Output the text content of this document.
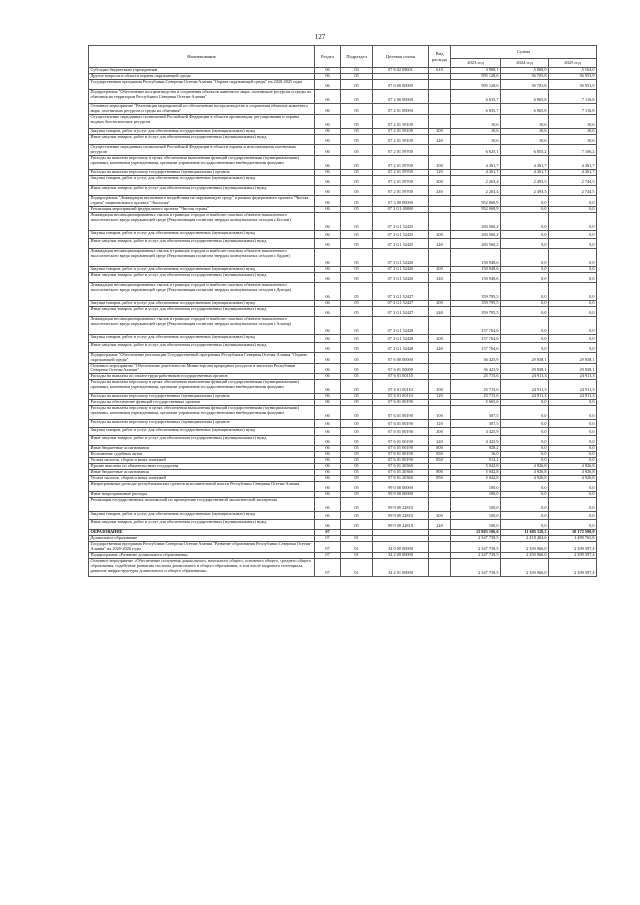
127
Наименование	Раздел	Подраздел	Целевая статья	Вид расхода	Сумма		
					2023 год	2024 год	2025 год
Субсидии бюджетным учреждениям	06	03	07 6 02 09601	610	4 908,1	5 068,0	5 164,0
Другие вопросы в области охраны окружающей среды	06	05			995 128,6	36 703,8	36 953,9
Государственная программа Республики Северная Осетия-Алания "Охрана окружающей среды" на 2020-2025 годы	06	05	07 0 00 00000		995 128,6	36 703,8	36 953,9
Подпрограмма "Обеспечение воспроизводства и сохранения объектов животного мира, охотничьих ресурсов и среды их обитания на территории Республики Северная Осетия-Алания"	06	05	07 2 00 00000		6 635,7	6 865,8	7 116,8
Основное мероприятие "Реализация мероприятий по обеспечению воспроизводства и сохранения объектов животного мира, охотничьих ресурсов и среды их обитания"	06	05	07 2 01 00000		6 635,7	6 865,8	7 116,8
Осуществление переданных полномочий Российской Федерации в области организации, регулирования и охраны водных биологических ресурсов	06	05	07 2 01 59100		10,6	10,6	10,6
Закупка товаров, работ и услуг для обеспечения государственных (муниципальных) нужд	06	05	07 2 01 59100	200	10,6	10,6	10,6
Иные закупки товаров, работ и услуг для обеспечения государственных (муниципальных) нужд	06	05	07 2 01 59100	240	10,6	10,6	10,6
Осуществление переданных полномочий Российской Федерации в области охраны и использования охотничьих ресурсов	06	05	07 2 01 59700		6 625,1	6 855,2	7 106,2
Расходы на выплаты персоналу в целях обеспечения выполнения функций государственными (муниципальными) органами, казенными учреждениями, органами управления государственными внебюджетными фондами	06	05	07 2 01 59700	100	4 361,7	4 361,7	4 361,7
Расходы на выплаты персоналу государственных (муниципальных) органов	06	05	07 2 01 59700	120	4 361,7	4 361,7	4 361,7
Закупка товаров, работ и услуг для обеспечения государственных (муниципальных) нужд	06	05	07 2 01 59700	200	2 263,4	2 493,5	2 744,5
Иные закупки товаров, работ и услуг для обеспечения государственных (муниципальных) нужд	06	05	07 2 01 59700	240	2 263,4	2 493,5	2 744,5
Подпрограмма "Ликвидация негативного воздействия на окружающую среду" в рамках федерального проекта "Чистая страна" национального проекта "Экология"	06	05	07 3 00 00000		952 068,9	0,0	0,0
Реализация мероприятий федерального проекта "Чистая страна"	06	05	07 3 G1 00000		952 068,9	0,0	0,0
Ликвидация несанкционированных свалок в границах городов и наиболее опасных объектов накопленного экологического вреда окружающей среде (Рекультивация полигона твердых коммунальных отходов г.Беслан)	06	05	07 3 G1 52425		283 560,2	0,0	0,0
Закупка товаров, работ и услуг для обеспечения государственных (муниципальных) нужд	06	05	07 3 G1 52425	200	283 560,2	0,0	0,0
Иные закупки товаров, работ и услуг для обеспечения государственных (муниципальных) нужд	06	05	07 3 G1 52425	240	283 560,2	0,0	0,0
Ликвидация несанкционированных свалок в границах городов и наиболее опасных объектов накопленного экологического вреда окружающей среде (Рекультивация полигона твердых коммунальных отходов г.Ардон)	06	05	07 3 G1 52426		150 948,6	0,0	0,0
Закупка товаров, работ и услуг для обеспечения государственных (муниципальных) нужд	06	05	07 3 G1 52426	200	150 948,6	0,0	0,0
Иные закупки товаров, работ и услуг для обеспечения государственных (муниципальных) нужд	06	05	07 3 G1 52426	240	150 948,6	0,0	0,0
Ликвидация несанкционированных свалок в границах городов и наиболее опасных объектов накопленного экологического вреда окружающей среде (Рекультивация полигона твердых коммунальных отходов г.Дигора)	06	05	07 3 G1 52427		359 795,5	0,0	0,0
Закупка товаров, работ и услуг для обеспечения государственных (муниципальных) нужд	06	05	07 3 G1 52427	200	359 795,5	0,0	0,0
Иные закупки товаров, работ и услуг для обеспечения государственных (муниципальных) нужд	06	05	07 3 G1 52427	240	359 795,5	0,0	0,0
Ликвидация несанкционированных свалок в границах городов и наиболее опасных объектов накопленного экологического вреда окружающей среде (Рекультивация полигона твердых коммунальных отходов г.Алагир)	06	05	07 3 G1 52428		157 764,6	0,0	0,0
Закупка товаров, работ и услуг для обеспечения государственных (муниципальных) нужд	06	05	07 3 G1 52428	200	157 764,6	0,0	0,0
Иные закупки товаров, работ и услуг для обеспечения государственных (муниципальных) нужд	06	05	07 3 G1 52428	240	157 764,6	0,0	0,0
Подпрограмма "Обеспечение реализации Государственной программы Республики Северная Осетия-Алания "Охрана окружающей среды"	06	05	07 6 00 00000		36 423,9	29 838,1	29 838,1
Основное мероприятие "Обеспечение деятельности Министерства природных ресурсов и экологии Республики Северная Осетия-Алания"	06	05	07 6 01 00000		36 423,9	29 838,1	29 838,1
Расходы на выплаты по оплате труда работников государственных органов	06	05	07 6 01 00110		25 715,6	24 911,3	24 911,3
Расходы на выплаты персоналу в целях обеспечения выполнения функций государственными (муниципальными) органами, казенными учреждениями, органами управления государственными внебюджетными фондами	06	05	07 6 01 00110	100	25 715,6	24 911,3	24 911,3
Расходы на выплаты персоналу государственных (муниципальных) органов	06	05	07 6 01 00110	120	25 715,6	24 911,3	24 911,3
Расходы на обеспечение функций государственных органов	06	05	07 6 01 00190		5 665,6	0,0	0,0
Расходы на выплаты персоналу в целях обеспечения выполнения функций государственными (муниципальными) органами, казенными учреждениями, органами управления государственными внебюджетными фондами	06	05	07 6 01 00190	100	307,5	0,0	0,0
Расходы на выплаты персоналу государственных (муниципальных) органов	06	05	07 6 01 00190	120	307,5	0,0	0,0
Закупка товаров, работ и услуг для обеспечения государственных (муниципальных) нужд	06	05	07 6 01 00190	200	4 425,9	0,0	0,0
Иные закупки товаров, работ и услуг для обеспечения государственных (муниципальных) нужд	06	05	07 6 01 00190	240	4 425,9	0,0	0,0
Иные бюджетные ассигнования	06	05	07 6 01 00190	800	928,2	0,0	0,0
Исполнение судебных актов	06	05	07 6 01 00190	830	16,0	0,0	0,0
Уплата налогов, сборов и иных платежей	06	05	07 6 01 00190	850	912,2	0,0	0,0
Прочие выплаты по обязательствам государства	06	05	07 6 01 20360		5 042,8	4 926,8	4 926,8
Иные бюджетные ассигнования	06	05	07 6 01 20360	800	5 042,8	4 926,8	4 926,8
Уплата налогов, сборов и иных платежей	06	05	07 6 01 20360	850	5 042,8	4 926,8	4 926,8
Непрограммные расходы республиканских органов исполнительной власти Республики Северная Осетия-Алания	06	05	99 0 00 00000		100,0	0,0	0,0
Иные непрограммные расходы	06	05	99 9 00 00000		100,0	0,0	0,0
Реализация государственных полномочий по проведению государственной экологической экспертизы	06	05	99 9 00 22810		100,0	0,0	0,0
Закупка товаров, работ и услуг для обеспечения государственных (муниципальных) нужд	06	05	99 9 00 22810	200	100,0	0,0	0,0
Иные закупки товаров, работ и услуг для обеспечения государственных (муниципальных) нужд	06	05	99 9 00 22810	240	100,0	0,0	0,0
ОБРАЗОВАНИЕ	07				12 983 196,6	11 685 118,3	10 172 590,9
Дошкольное образование	07	01			2 347 739,5	2 418 404,6	1 480 765,8
Государственная программа Республики Северная Осетия-Алания "Развитие образования Республики Северная Осетия-Алания" на 2020-2026 годы	07	01	34 0 00 00000		2 347 739,5	2 350 066,0	2 399 397,4
Подпрограмма «Развитие дошкольного образования»	07	01	34 2 00 00000		2 347 739,5	2 350 066,0	2 399 397,4
Основное мероприятие «Обеспечение получения дошкольного, начального общего, основного общего, среднего общего образования, содействие развитию системы дошкольного и общего образования, в том числе кадрового потенциала, развитие инфраструктуры дошкольного и общего образования»	07	01	34 2 01 00000		2 347 739,5	2 350 066,0	2 399 397,4
